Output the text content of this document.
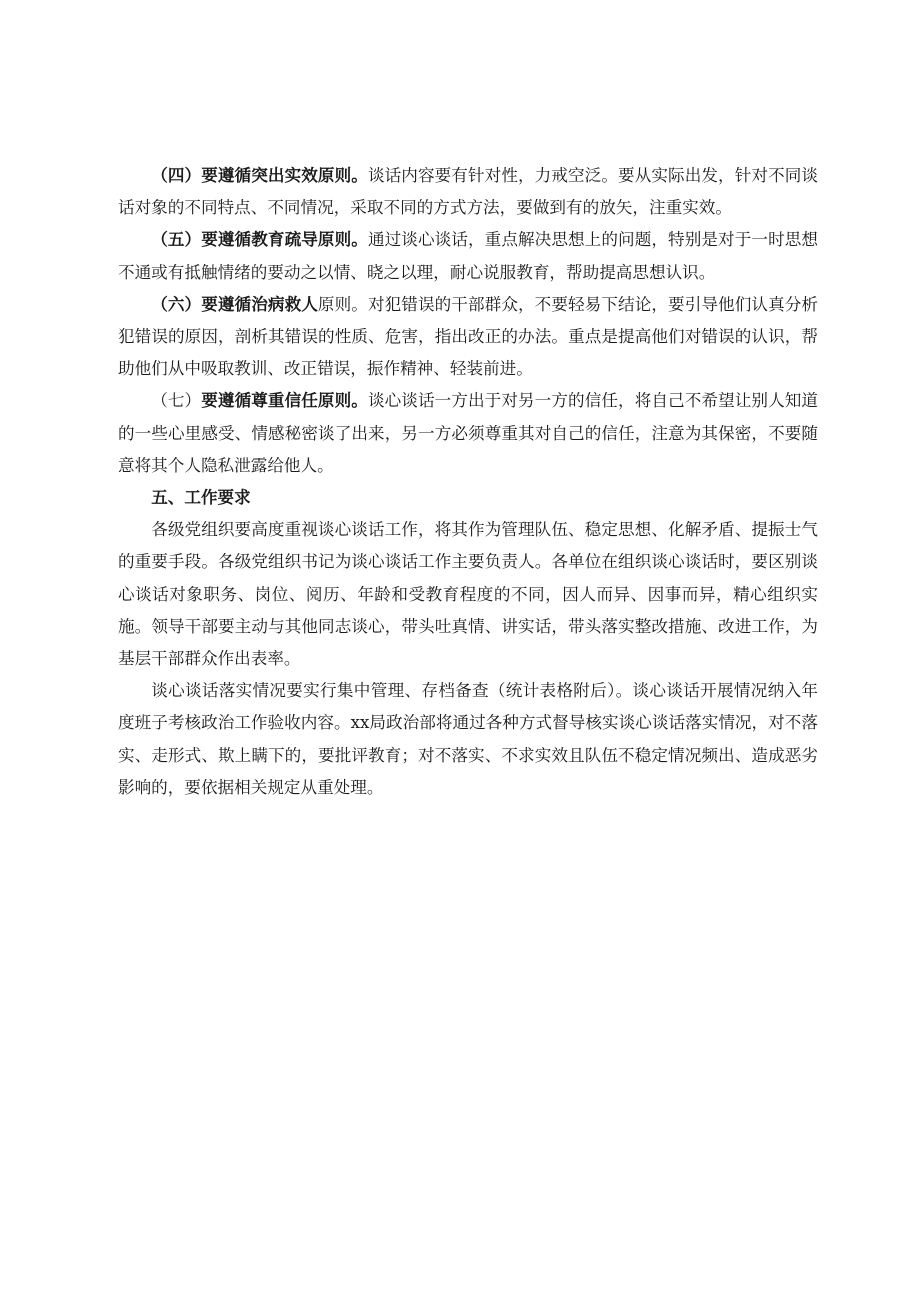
（四）要遵循突出实效原则。谈话内容要有针对性，力戒空泛。要从实际出发，针对不同谈话对象的不同特点、不同情况，采取不同的方式方法，要做到有的放矢，注重实效。

（五）要遵循教育疏导原则。通过谈心谈话，重点解决思想上的问题，特别是对于一时思想不通或有抵触情绪的要动之以情、晓之以理，耐心说服教育，帮助提高思想认识。

（六）要遵循治病救人原则。对犯错误的干部群众，不要轻易下结论，要引导他们认真分析犯错误的原因，剖析其错误的性质、危害，指出改正的办法。重点是提高他们对错误的认识，帮助他们从中吸取教训、改正错误，振作精神、轻装前进。

（七）要遵循尊重信任原则。谈心谈话一方出于对另一方的信任，将自己不希望让别人知道的一些心里感受、情感秘密谈了出来，另一方必须尊重其对自己的信任，注意为其保密，不要随意将其个人隐私泄露给他人。

五、工作要求

各级党组织要高度重视谈心谈话工作，将其作为管理队伍、稳定思想、化解矛盾、提振士气的重要手段。各级党组织书记为谈心谈话工作主要负责人。各单位在组织谈心谈话时，要区别谈心谈话对象职务、岗位、阅历、年龄和受教育程度的不同，因人而异、因事而异，精心组织实施。领导干部要主动与其他同志谈心，带头吐真情、讲实话，带头落实整改措施、改进工作，为基层干部群众作出表率。

谈心谈话落实情况要实行集中管理、存档备查（统计表格附后）。谈心谈话开展情况纳入年度班子考核政治工作验收内容。xx局政治部将通过各种方式督导核实谈心谈话落实情况，对不落实、走形式、欺上瞒下的，要批评教育；对不落实、不求实效且队伍不稳定情况频出、造成恶劣影响的，要依据相关规定从重处理。
